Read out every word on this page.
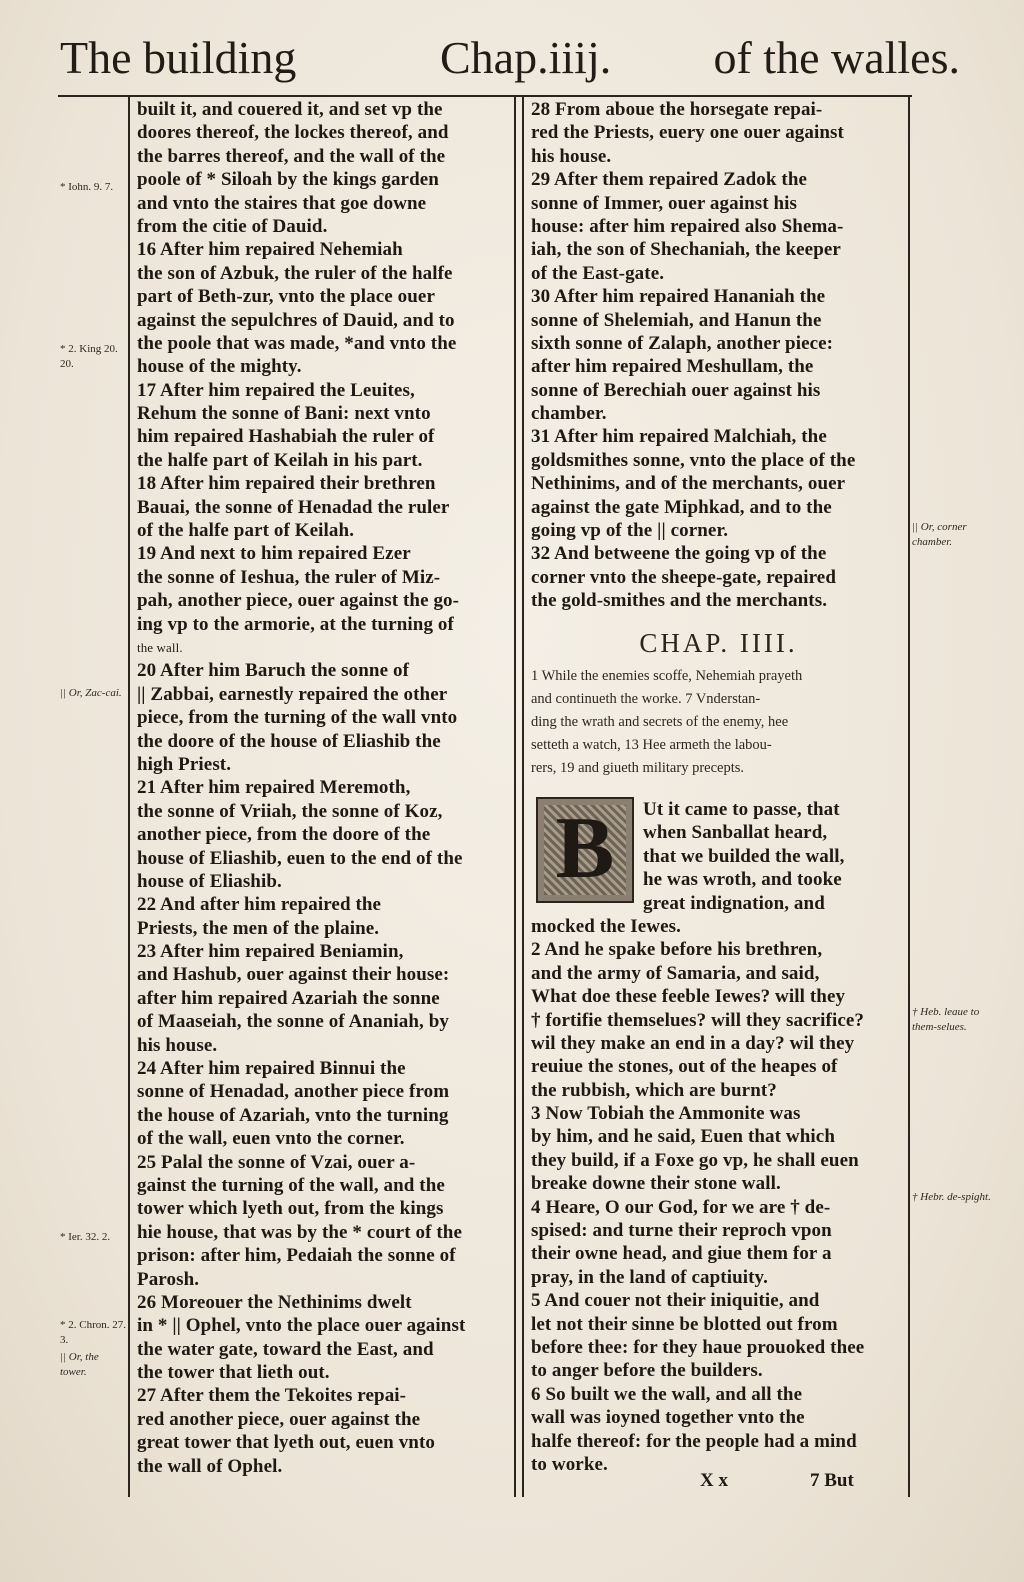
The building	Chap.iiij. of the walles.
built it, and couered it, and set vp the
doores thereof, the lockes thereof, and
the barres thereof, and the wall of the
poole of * Siloah by the kings garden
and vnto the staires that goe downe
from the citie of Dauid.
16 After him repaired Nehemiah
the son of Azbuk, the ruler of the halfe
part of Beth-zur, vnto the place ouer
against the sepulchres of Dauid, and to
the poole that was made, *and vnto the
house of the mighty.
17 After him repaired the Leuites,
Rehum the sonne of Bani: next vnto
him repaired Hashabiah the ruler of
the halfe part of Keilah in his part.
18 After him repaired their brethren
Bauai, the sonne of Henadad the ruler
of the halfe part of Keilah.
19 And next to him repaired Ezer
the sonne of Ieshua, the ruler of Miz-
pah, another piece, ouer against the go-
ing vp to the armorie, at the turning of
the wall.
20 After him Baruch the sonne of
|| Zabbai, earnestly repaired the other
piece, from the turning of the wall vnto
the doore of the house of Eliashib the
high Priest.
21 After him repaired Meremoth,
the sonne of Vriiah, the sonne of Koz,
another piece, from the doore of the
house of Eliashib, euen to the end of the
house of Eliashib.
22 And after him repaired the
Priests, the men of the plaine.
23 After him repaired Beniamin,
and Hashub, ouer against their house:
after him repaired Azariah the sonne
of Maaseiah, the sonne of Ananiah, by
his house.
24 After him repaired Binnui the
sonne of Henadad, another piece from
the house of Azariah, vnto the turning
of the wall, euen vnto the corner.
25 Palal the sonne of Vzai, ouer a-
gainst the turning of the wall, and the
tower which lyeth out, from the kings
hie house, that was by the * court of the
prison: after him, Pedaiah the sonne of
Parosh.
26 Moreouer the Nethinims dwelt
in * || Ophel, vnto the place ouer against
the water gate, toward the East, and
the tower that lieth out.
27 After them the Tekoites repai-
red another piece, ouer against the
great tower that lyeth out, euen vnto
the wall of Ophel.
28 From aboue the horsegate repai-
red the Priests, euery one ouer against
his house.
29 After them repaired Zadok the
sonne of Immer, ouer against his
house: after him repaired also Shema-
iah, the son of Shechaniah, the keeper
of the East-gate.
30 After him repaired Hananiah the
sonne of Shelemiah, and Hanun the
sixth sonne of Zalaph, another piece:
after him repaired Meshullam, the
sonne of Berechiah ouer against his
chamber.
31 After him repaired Malchiah, the
goldsmithes sonne, vnto the place of the
Nethinims, and of the merchants, ouer
against the gate Miphkad, and to the
going vp of the || corner.
32 And betweene the going vp of the
corner vnto the sheepe-gate, repaired
the gold-smithes and the merchants.
CHAP. IIII.
1 While the enemies scoffe, Nehemiah prayeth
and continueth the worke. 7 Vnderstan-
ding the wrath and secrets of the enemy, hee
setteth a watch, 13 Hee armeth the labou-
rers, 19 and giueth military precepts.
B	Ut it came to passe, that
when Sanballat heard,
that we builded the wall,
he was wroth, and tooke
great indignation, and
mocked the Iewes.
2 And he spake before his brethren,
and the army of Samaria, and said,
What doe these feeble Iewes? will they
† fortifie themselues? will they sacrifice?
wil they make an end in a day? wil they
reuiue the stones, out of the heapes of
the rubbish, which are burnt?
3 Now Tobiah the Ammonite was
by him, and he said, Euen that which
they build, if a Foxe go vp, he shall euen
breake downe their stone wall.
4 Heare, O our God, for we are † de-
spised: and turne their reproch vpon
their owne head, and giue them for a
pray, in the land of captiuity.
5 And couer not their iniquitie, and
let not their sinne be blotted out from
before thee: for they haue prouoked thee
to anger before the builders.
6 So built we the wall, and all the
wall was ioyned together vnto the
halfe thereof: for the people had a mind
to worke.
* Iohn. 9. 7.
* 2. King 20. 20.
|| Or, Zac-cai.
* Ier. 32. 2.
* 2. Chron. 27. 3.
|| Or, the tower.
|| Or, corner chamber.
† Heb. leaue to them-selues.
† Hebr. de-spight.
X x	7 But
